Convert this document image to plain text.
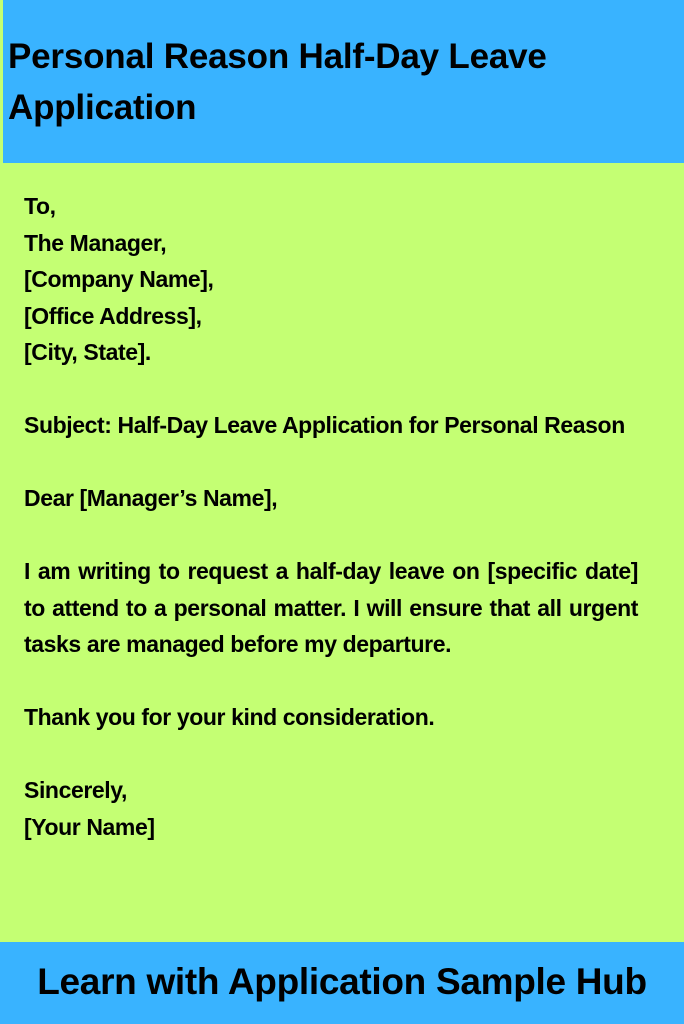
Personal Reason Half-Day Leave Application

To,

The Manager,

[Company Name],

[Office Address],

[City, State].

Subject: Half-Day Leave Application for Personal Reason

Dear [Manager’s Name],

I am writing to request a half-day leave on [specific date] to attend to a personal matter. I will ensure that all urgent tasks are managed before my departure.

Thank you for your kind consideration.

Sincerely,

[Your Name]

Learn with Application Sample Hub
